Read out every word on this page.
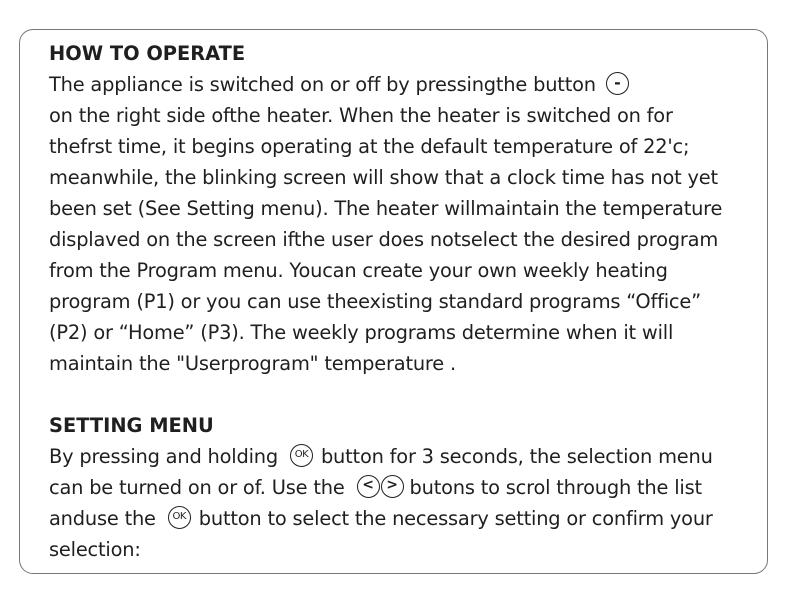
HOW TO OPERATE
The appliance is switched on or off by pressingthe button -
on the right side ofthe heater. When the heater is switched on for
thefrst time, it begins operating at the default temperature of 22'c;
meanwhile, the blinking screen will show that a clock time has not yet
been set (See Setting menu). The heater willmaintain the temperature
displaved on the screen ifthe user does notselect the desired program
from the Program menu. Youcan create your own weekly heating
program (P1) or you can use theexisting standard programs “Office”
(P2) or “Home” (P3). The weekly programs determine when it will
maintain the "Userprogram" temperature .
SETTING MENU
By pressing and holding OK button for 3 seconds, the selection menu
can be turned on or of. Use the < > butons to scrol through the list
anduse the OK button to select the necessary setting or confirm your
selection:
